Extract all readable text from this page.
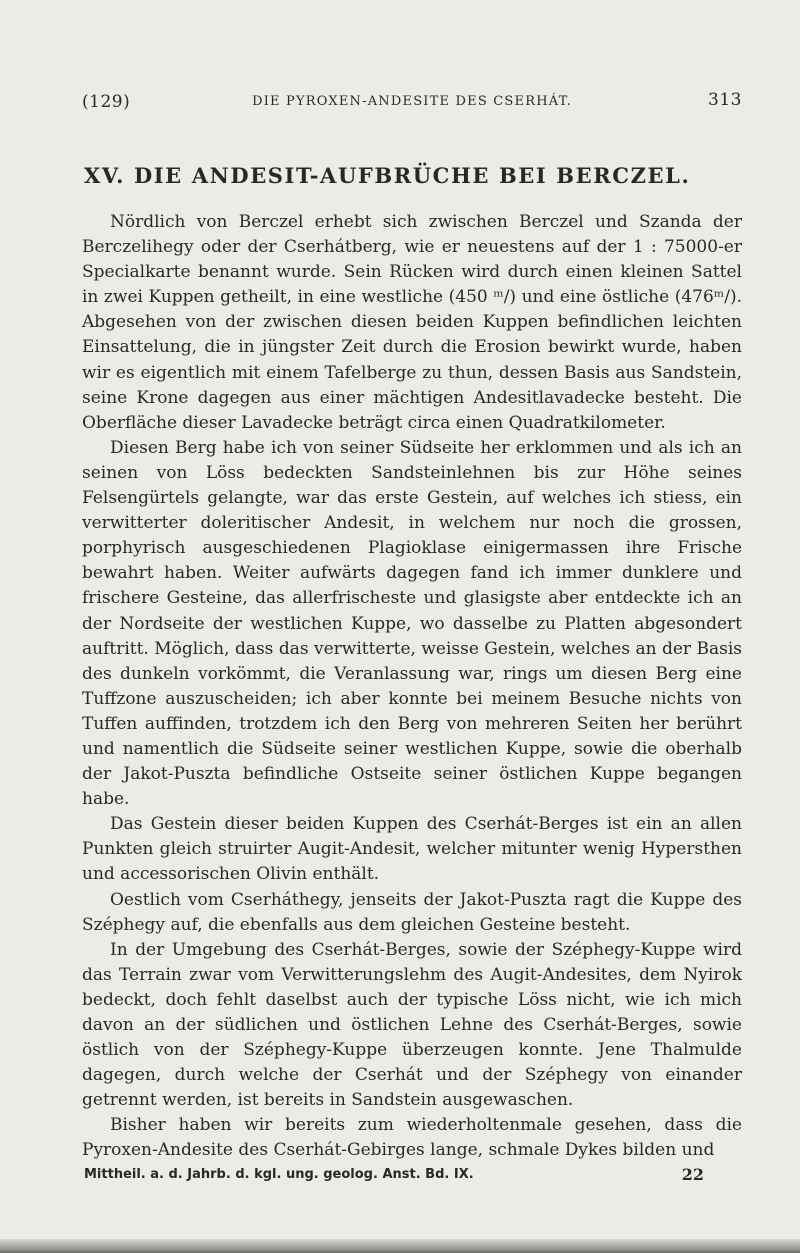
(129)	DIE PYROXEN-ANDESITE DES CSERHÁT.	313
XV. DIE ANDESIT-AUFBRÜCHE BEI BERCZEL.

Nördlich von Berczel erhebt sich zwischen Berczel und Szanda der Berczelihegy oder der Cserhátberg, wie er neuestens auf der 1 : 75000-er Specialkarte benannt wurde. Sein Rücken wird durch einen kleinen Sattel in zwei Kuppen getheilt, in eine westliche (450 ᵐ/) und eine östliche (476ᵐ/). Abgesehen von der zwischen diesen beiden Kuppen befindlichen leichten Einsattelung, die in jüngster Zeit durch die Erosion bewirkt wurde, haben wir es eigentlich mit einem Tafelberge zu thun, dessen Basis aus Sandstein, seine Krone dagegen aus einer mächtigen Andesitlavadecke besteht. Die Oberfläche dieser Lavadecke beträgt circa einen Quadratkilometer.

Diesen Berg habe ich von seiner Südseite her erklommen und als ich an seinen von Löss bedeckten Sandsteinlehnen bis zur Höhe seines Felsengürtels gelangte, war das erste Gestein, auf welches ich stiess, ein verwitterter doleritischer Andesit, in welchem nur noch die grossen, porphyrisch ausgeschiedenen Plagioklase einigermassen ihre Frische bewahrt haben. Weiter aufwärts dagegen fand ich immer dunklere und frischere Gesteine, das allerfrischeste und glasigste aber entdeckte ich an der Nordseite der westlichen Kuppe, wo dasselbe zu Platten abgesondert auftritt. Möglich, dass das verwitterte, weisse Gestein, welches an der Basis des dunkeln vorkömmt, die Veranlassung war, rings um diesen Berg eine Tuffzone auszuscheiden; ich aber konnte bei meinem Besuche nichts von Tuffen auffinden, trotzdem ich den Berg von mehreren Seiten her berührt und namentlich die Südseite seiner westlichen Kuppe, sowie die oberhalb der Jakot-Puszta befindliche Ostseite seiner östlichen Kuppe begangen habe.

Das Gestein dieser beiden Kuppen des Cserhát-Berges ist ein an allen Punkten gleich struirter Augit-Andesit, welcher mitunter wenig Hypersthen und accessorischen Olivin enthält.

Oestlich vom Cserháthegy, jenseits der Jakot-Puszta ragt die Kuppe des Széphegy auf, die ebenfalls aus dem gleichen Gesteine besteht.

In der Umgebung des Cserhát-Berges, sowie der Széphegy-Kuppe wird das Terrain zwar vom Verwitterungslehm des Augit-Andesites, dem Nyirok bedeckt, doch fehlt daselbst auch der typische Löss nicht, wie ich mich davon an der südlichen und östlichen Lehne des Cserhát-Berges, sowie östlich von der Széphegy-Kuppe überzeugen konnte. Jene Thalmulde dagegen, durch welche der Cserhát und der Széphegy von einander getrennt werden, ist bereits in Sandstein ausgewaschen.

Bisher haben wir bereits zum wiederholtenmale gesehen, dass die Pyroxen-Andesite des Cserhát-Gebirges lange, schmale Dykes bilden und

Mittheil. a. d. Jahrb. d. kgl. ung. geolog. Anst. Bd. IX.	22
